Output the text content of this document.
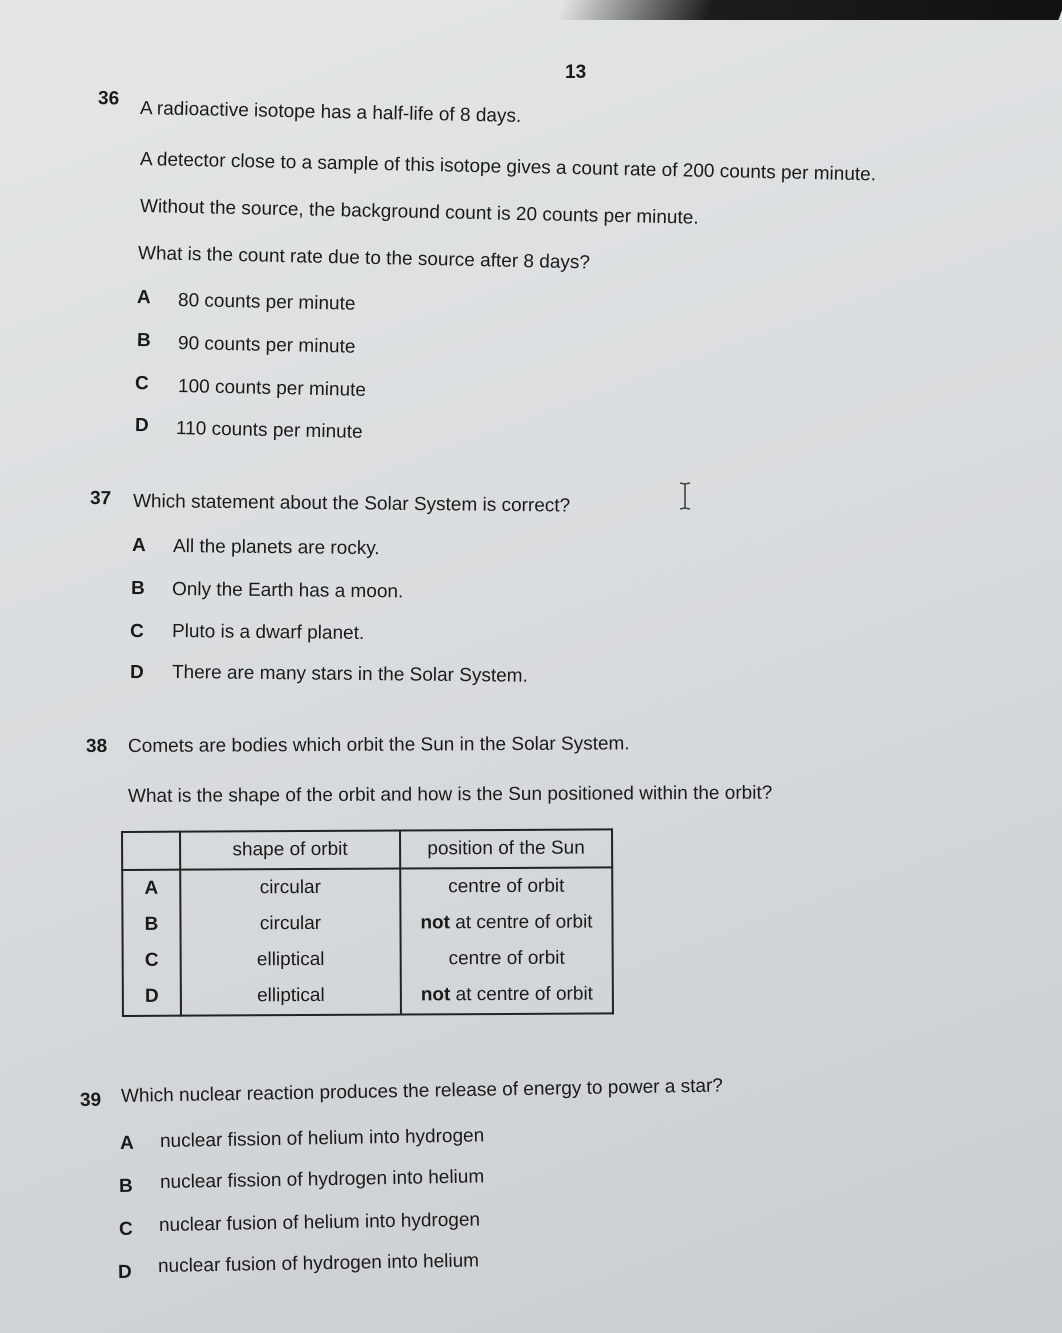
13
36 A radioactive isotope has a half-life of 8 days.
A detector close to a sample of this isotope gives a count rate of 200 counts per minute.
Without the source, the background count is 20 counts per minute.
What is the count rate due to the source after 8 days?
A 80 counts per minute
B 90 counts per minute
C 100 counts per minute
D 110 counts per minute
37 Which statement about the Solar System is correct?
A All the planets are rocky.
B Only the Earth has a moon.
C Pluto is a dwarf planet.
D There are many stars in the Solar System.
38 Comets are bodies which orbit the Sun in the Solar System.
What is the shape of the orbit and how is the Sun positioned within the orbit?
	shape of orbit	position of the Sun
A	circular	centre of orbit
B	circular	not at centre of orbit
C	elliptical	centre of orbit
D	elliptical	not at centre of orbit
39 Which nuclear reaction produces the release of energy to power a star?
A nuclear fission of helium into hydrogen
B nuclear fission of hydrogen into helium
C nuclear fusion of helium into hydrogen
D nuclear fusion of hydrogen into helium
